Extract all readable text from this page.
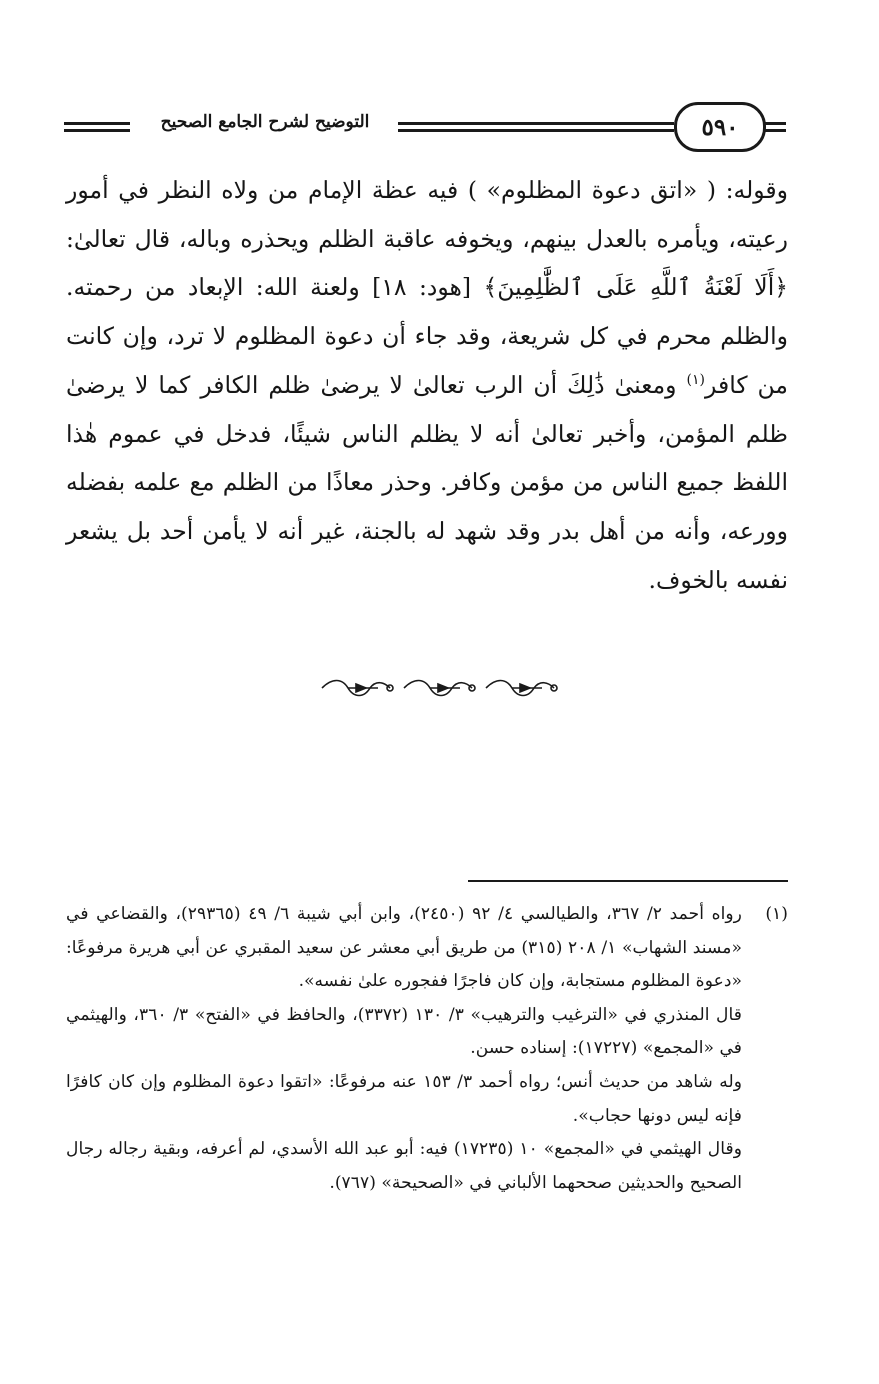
٥٩٠
التوضيح لشرح الجامع الصحيح
وقوله: ( «اتق دعوة المظلوم» ) فيه عظة الإمام من ولاه النظر في أمور رعيته، ويأمره بالعدل بينهم، ويخوفه عاقبة الظلم ويحذره وباله، قال تعالىٰ: ﴿أَلَا لَعْنَةُ ٱللَّهِ عَلَى ٱلظَّٰلِمِينَ﴾ [هود: ١٨] ولعنة الله: الإبعاد من رحمته. والظلم محرم في كل شريعة، وقد جاء أن دعوة المظلوم لا ترد، وإن كانت من كافر$^{(١)}$ ومعنىٰ ذَٰلِكَ أن الرب تعالىٰ لا يرضىٰ ظلم الكافر كما لا يرضىٰ ظلم المؤمن، وأخبر تعالىٰ أنه لا يظلم الناس شيئًا، فدخل في عموم هٰذا اللفظ جميع الناس من مؤمن وكافر. وحذر معاذًا من الظلم مع علمه بفضله وورعه، وأنه من أهل بدر وقد شهد له بالجنة، غير أنه لا يأمن أحد بل يشعر نفسه بالخوف.
(١)

رواه أحمد ٢/ ٣٦٧، والطيالسي ٤/ ٩٢ (٢٤٥٠)، وابن أبي شيبة ٦/ ٤٩ (٢٩٣٦٥)، والقضاعي في «مسند الشهاب» ١/ ٢٠٨ (٣١٥) من طريق أبي معشر عن سعيد المقبري عن أبي هريرة مرفوعًا: «دعوة المظلوم مستجابة، وإن كان فاجرًا ففجوره علىٰ نفسه».

قال المنذري في «الترغيب والترهيب» ٣/ ١٣٠ (٣٣٧٢)، والحافظ في «الفتح» ٣/ ٣٦٠، والهيثمي في «المجمع» (١٧٢٢٧): إسناده حسن.

وله شاهد من حديث أنس؛ رواه أحمد ٣/ ١٥٣ عنه مرفوعًا: «اتقوا دعوة المظلوم وإن كان كافرًا فإنه ليس دونها حجاب».

وقال الهيثمي في «المجمع» ١٠ (١٧٢٣٥) فيه: أبو عبد الله الأسدي، لم أعرفه، وبقية رجاله رجال الصحيح والحديثين صححهما الألباني في «الصحيحة» (٧٦٧).
